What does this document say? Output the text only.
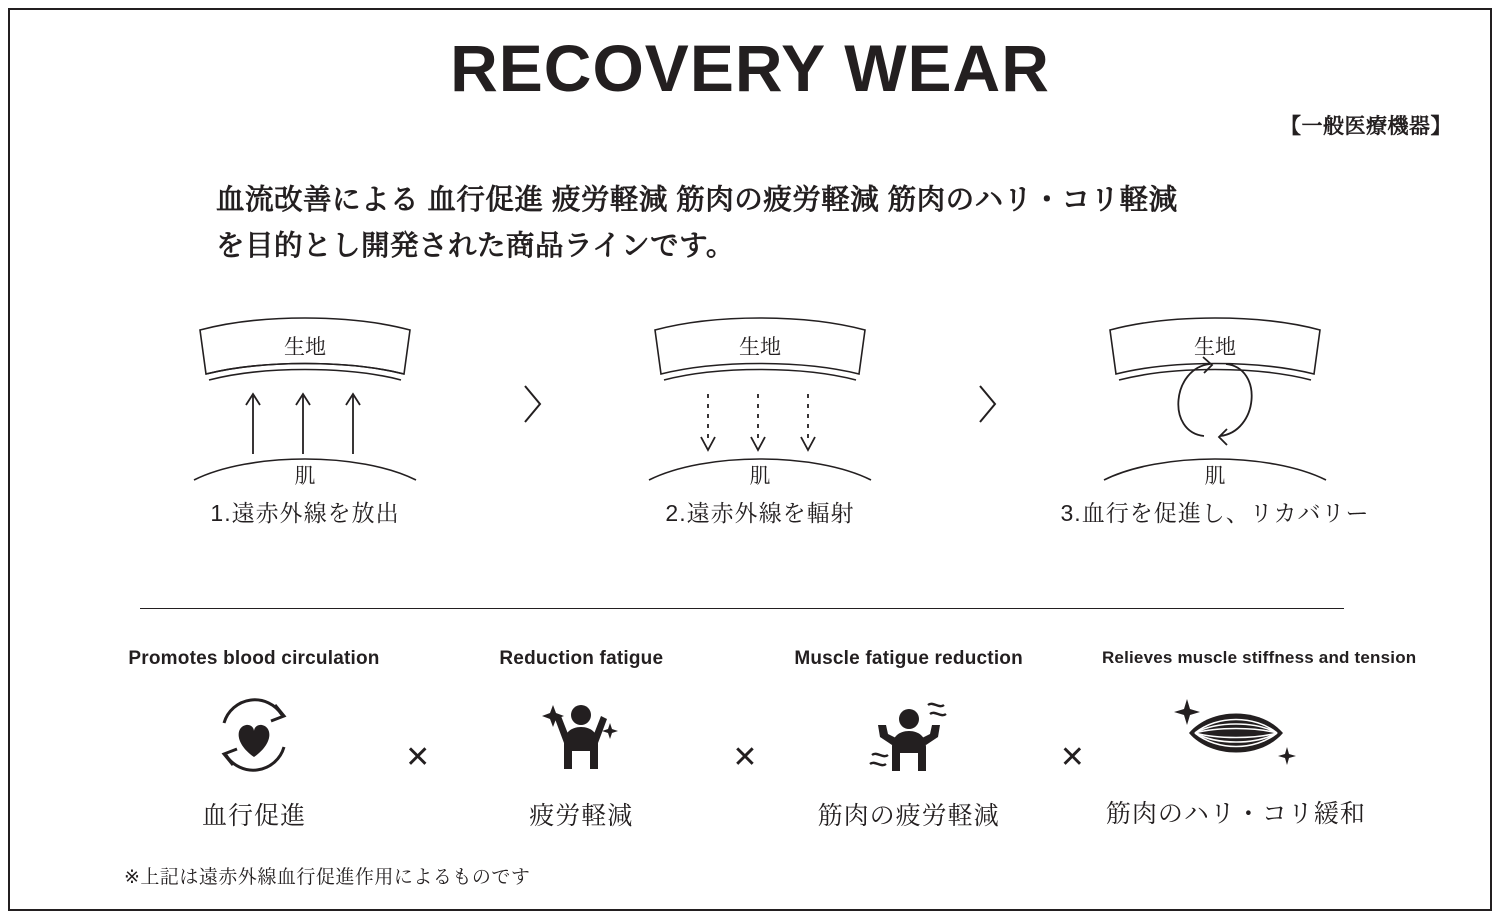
RECOVERY WEAR
【一般医療機器】
血流改善による 血行促進 疲労軽減 筋肉の疲労軽減 筋肉のハリ・コリ軽減
を目的とし開発された商品ラインです。
生地
肌
1.遠赤外線を放出
生地
肌
2.遠赤外線を輻射
生地
肌
3.血行を促進し、リカバリー
Promotes blood circulation
血行促進
✕
Reduction fatigue
疲労軽減
✕
Muscle fatigue reduction
筋肉の疲労軽減
✕
Relieves muscle stiffness and tension
筋肉のハリ・コリ緩和
※上記は遠赤外線血行促進作用によるものです
